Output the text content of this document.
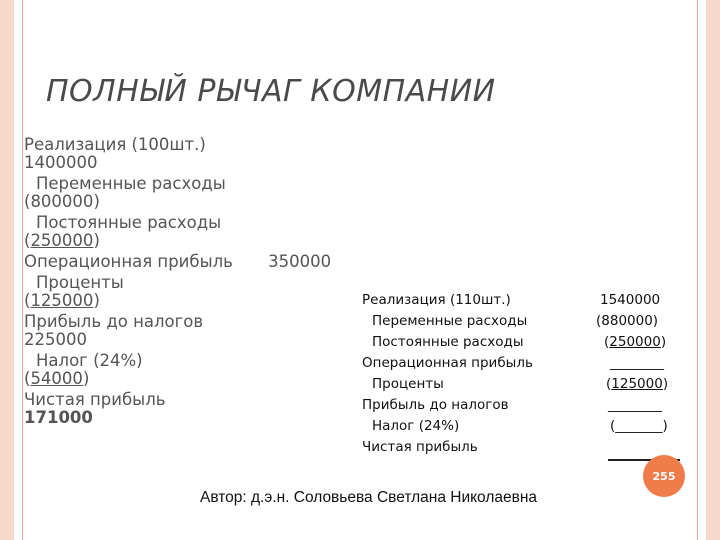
ПОЛНЫЙ РЫЧАГ КОМПАНИИ
Реализация (100шт.)
1400000
Переменные расходы
(800000)
Постоянные расходы
(250000)
Операционная прибыль 350000
Проценты
(125000)
Прибыль до налогов
225000
Налог (24%)
(54000)
Чистая прибыль
171000
Реализация (110шт.)	1540000
Переменные расходы	(880000)
Постоянные расходы	(250000)
Операционная прибыль	________
Проценты	(125000)
Прибыль до налогов	________
Налог (24%)	(_______)
Чистая прибыль
255
Автор: д.э.н. Соловьева Светлана Николаевна
